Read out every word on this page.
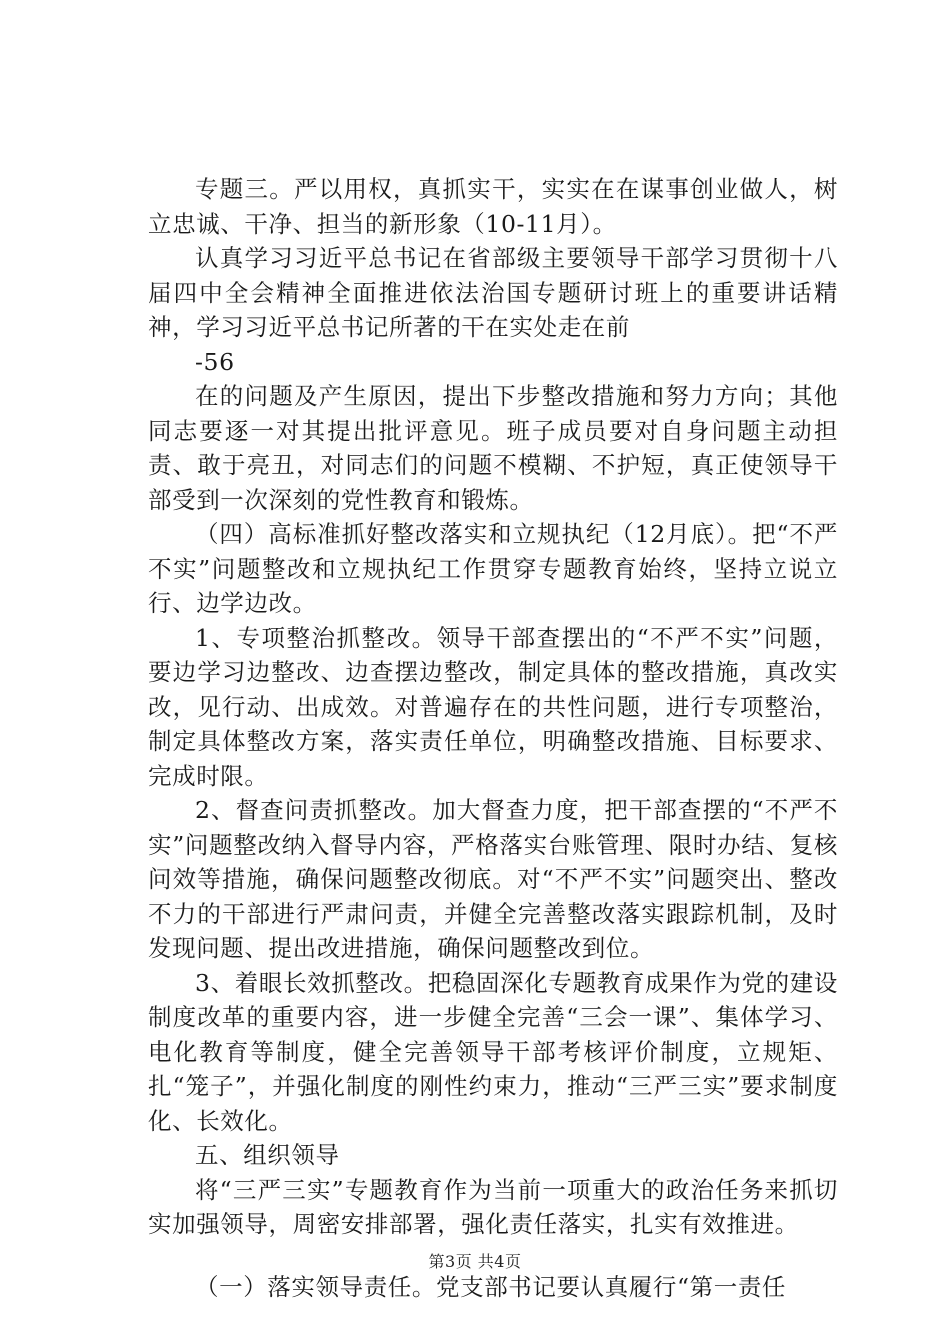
专题三。严以用权，真抓实干，实实在在谋事创业做人，树立忠诚、干净、担当的新形象（10-11月）。

认真学习习近平总书记在省部级主要领导干部学习贯彻十八届四中全会精神全面推进依法治国专题研讨班上的重要讲话精神，学习习近平总书记所著的干在实处走在前

-56

在的问题及产生原因，提出下步整改措施和努力方向；其他同志要逐一对其提出批评意见。班子成员要对自身问题主动担责、敢于亮丑，对同志们的问题不模糊、不护短，真正使领导干部受到一次深刻的党性教育和锻炼。

（四）高标准抓好整改落实和立规执纪（12月底）。把“不严不实”问题整改和立规执纪工作贯穿专题教育始终，坚持立说立行、边学边改。

1、专项整治抓整改。领导干部查摆出的“不严不实”问题，要边学习边整改、边查摆边整改，制定具体的整改措施，真改实改，见行动、出成效。对普遍存在的共性问题，进行专项整治，制定具体整改方案，落实责任单位，明确整改措施、目标要求、完成时限。

2、督查问责抓整改。加大督查力度，把干部查摆的“不严不实”问题整改纳入督导内容，严格落实台账管理、限时办结、复核问效等措施，确保问题整改彻底。对“不严不实”问题突出、整改不力的干部进行严肃问责，并健全完善整改落实跟踪机制，及时发现问题、提出改进措施，确保问题整改到位。

3、着眼长效抓整改。把稳固深化专题教育成果作为党的建设制度改革的重要内容，进一步健全完善“三会一课”、集体学习、电化教育等制度，健全完善领导干部考核评价制度，立规矩、扎“笼子”，并强化制度的刚性约束力，推动“三严三实”要求制度化、长效化。

五、组织领导

将“三严三实”专题教育作为当前一项重大的政治任务来抓切实加强领导，周密安排部署，强化责任落实，扎实有效推进。

（一）落实领导责任。党支部书记要认真履行“第一责任

第3页 共4页
